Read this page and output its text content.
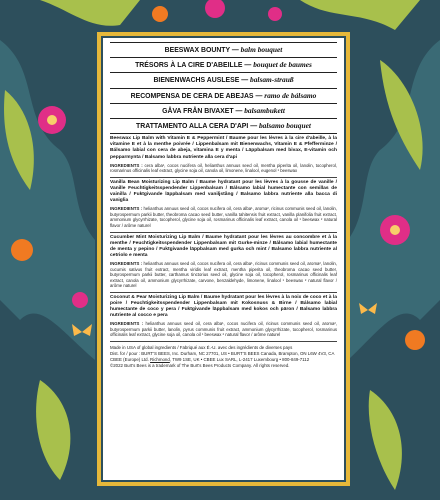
BEESWAX BOUNTY — balm bouquet
TRÉSORS À LA CIRE D'ABEILLE — bouquet de baumes
BIENENWACHS AUSLESE — balsam-strauß
RECOMPENSA DE CERA DE ABEJAS — ramo de bálsamo
GÅVA FRÅN BIVAXET — balsambukett
TRATTAMENTO ALLA CERA D'API — balsamo bouquet
Beeswax Lip Balm with Vitamin E & Peppermint / Baume pour les lèvres à la cire d'abeille, à la vitamine E et à la menthe poivrée / Lippenbalsam mit Bienenwachs, Vitamin E & Pfefferminze / Bálsamo labial con cera de abeja, vitamina E y menta / Läppbalsam med bivax, E-vitamin och pepparmynta / Balsamo labbra nutriente alla cera d'api
INGREDIENTS : cera alba¹, cocos nucifera oil, helianthus annuus seed oil, mentha piperita oil, lanolin, tocopherol, rosmarinus officinalis leaf extract, glycine soja oil, canola oil, limonene, linalool, eugenol ¹ beeswax
Vanilla Bean Moisturizing Lip Balm / Baume hydratant pour les lèvres à la gousse de vanille / Vanille Feuchtigkeitsspendender Lippenbalsam / Bálsamo labial humectante con semillas de vainilla / Fuktgivande läppbalsam med vaniljstång / Balsamo labbra nutriente alla bacca di vaniglia
INGREDIENTS : helianthus annuus seed oil, cocos nucifera oil, cera alba¹, aroma², ricinus communis seed oil, lanolin, butyrospermum parkii butter, theobroma cacao seed butter, vanilla tahitensis fruit extract, vanilla planifolia fruit extract, ammonium glycyrrhizate, tocopherol, glycine soja oil, rosmarinus officinalis leaf extract, canola oil ¹ beeswax ² natural flavor / arôme naturel
Cucumber Mint Moisturizing Lip Balm / Baume hydratant pour les lèvres au concombre et à la menthe / Feuchtigkeitsspendender Lippenbalsam mit Gurke-minze / Bálsamo labial humectante de menta y pepino / Fuktgivande läppbalsam med gurka och mint / Balsamo labbra nutriente al cetriolo e menta
INGREDIENTS : helianthus annuus seed oil, cocos nucifera oil, cera alba¹, ricinus communis seed oil, aroma², lanolin, cucumis sativus fruit extract, mentha viridis leaf extract, mentha piperita oil, theobroma cacao seed butter, butyrospermum parkii butter, carthamus tinctorius seed oil, glycine soja oil, tocopherol, rosmarinus officinalis leaf extract, canola oil, ammonium glycyrrhizate, carvone, benzaldehyde, limonene, linalool ¹ beeswax ² natural flavor / arôme naturel
Coconut & Pear Moisturizing Lip Balm / Baume hydratant pour les lèvres à la noix de coco et à la poire / Feuchtigkeitsspendender Lippenbalsam mit Kokosnuss & Birne / Bálsamo labial humectante de coco y pera / Fuktgivande läppbalsam med kokos och päron / Balsamo labbra nutriente al cocco e pera
INGREDIENTS : helianthus annuus seed oil, cera alba¹, cocos nucifera oil, ricinus communis seed oil, aroma², butyrospermum parkii butter, lanolin, pyrus communis fruit extract, ammonium glycyrrhizate, tocopherol, rosmarinus officinalis leaf extract, glycine soja oil, canola oil ¹ beeswax ² natural flavor / arôme naturel
Made in USA of global ingredients / Fabriqué aux É.-U. avec des ingrédients de diverses pays
Dist. for / pour : BURT'S BEES, Inc. Durham, NC 27701, US • BURT'S BEES Canada, Brampton, ON L6W 4V3, CA
CBEE (Europe) Ltd. Richmond, TW9 1SE, UK • CBEE Lux SARL, L-2417 Luxembourg • 800-849-7112
©2022 Burt's Bees is a trademark of The Burt's Bees Products Company. All rights reserved.
